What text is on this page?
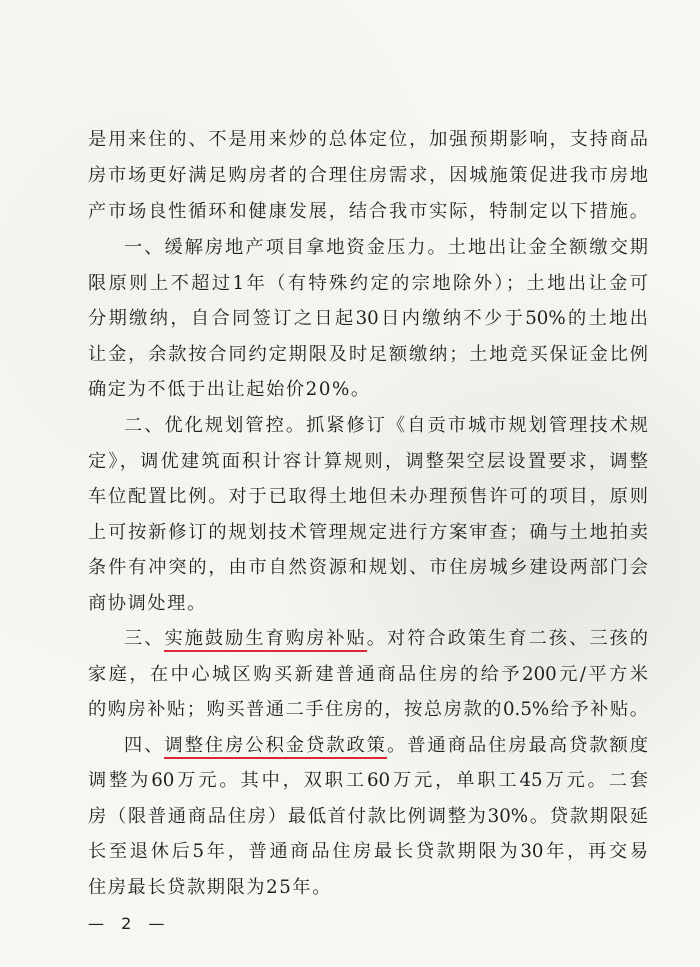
是用来住的、不是用来炒的总体定位，加强预期影响，支持商品
房市场更好满足购房者的合理住房需求，因城施策促进我市房地
产市场良性循环和健康发展，结合我市实际，特制定以下措施。
一、缓解房地产项目拿地资金压力。土地出让金全额缴交期
限原则上不超过1年（有特殊约定的宗地除外）；土地出让金可
分期缴纳，自合同签订之日起30日内缴纳不少于50%的土地出
让金，余款按合同约定期限及时足额缴纳；土地竞买保证金比例
确定为不低于出让起始价20%。
二、优化规划管控。抓紧修订《自贡市城市规划管理技术规
定》，调优建筑面积计容计算规则，调整架空层设置要求，调整
车位配置比例。对于已取得土地但未办理预售许可的项目，原则
上可按新修订的规划技术管理规定进行方案审查；确与土地拍卖
条件有冲突的，由市自然资源和规划、市住房城乡建设两部门会
商协调处理。
三、实施鼓励生育购房补贴。对符合政策生育二孩、三孩的
家庭，在中心城区购买新建普通商品住房的给予200元/平方米
的购房补贴；购买普通二手住房的，按总房款的0.5%给予补贴。
四、调整住房公积金贷款政策。普通商品住房最高贷款额度
调整为60万元。其中，双职工60万元，单职工45万元。二套
房（限普通商品住房）最低首付款比例调整为30%。贷款期限延
长至退休后5年，普通商品住房最长贷款期限为30年，再交易
住房最长贷款期限为25年。
— 2 —
